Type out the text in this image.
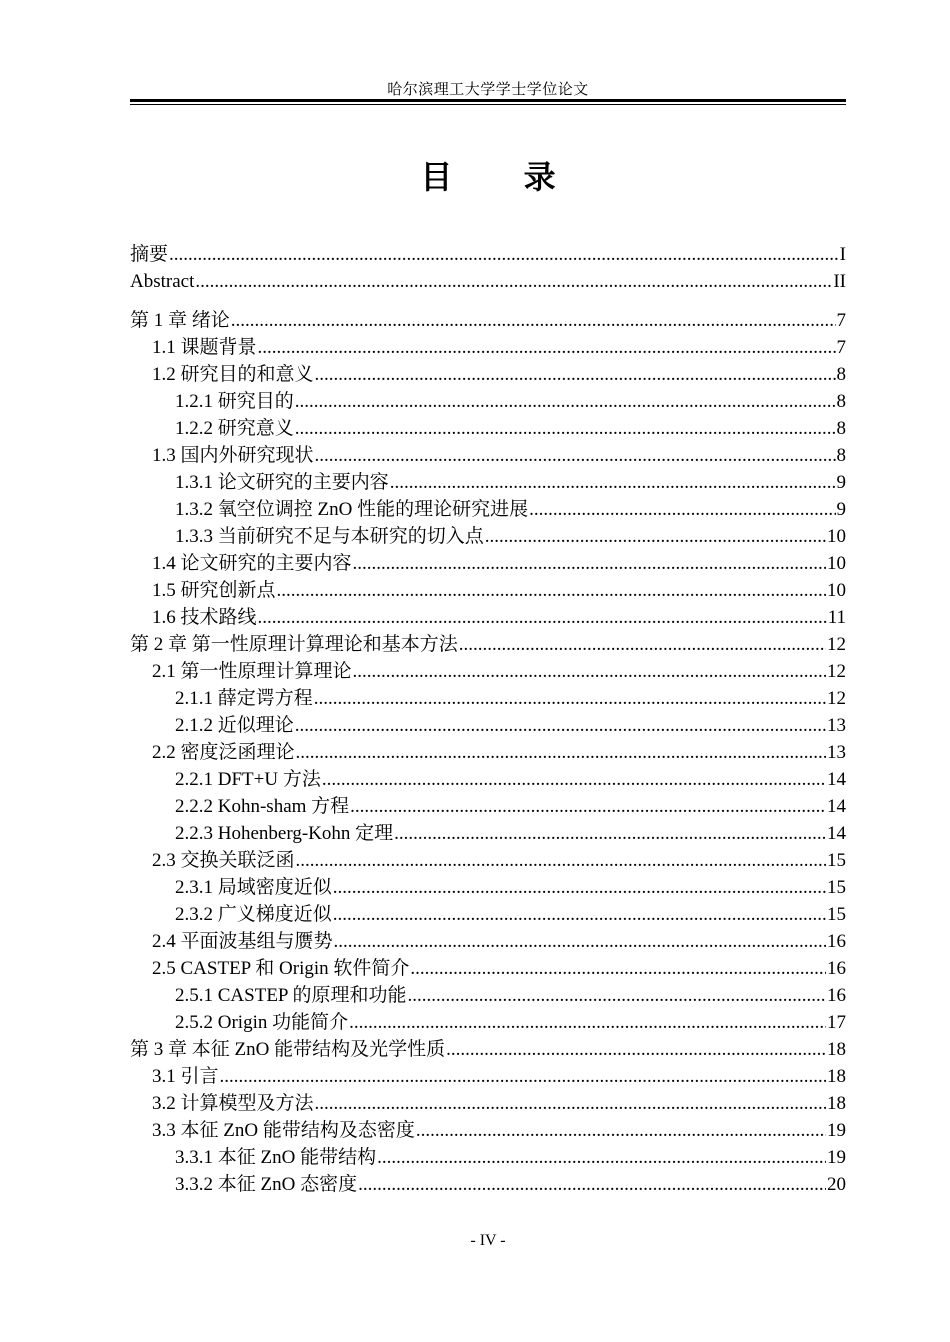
哈尔滨理工大学学士学位论文
目 录
摘要 .....	I
Abstract .....	II
第 1 章 绪论 .....	7
1.1 课题背景 .....	7
1.2 研究目的和意义 .....	8
1.2.1 研究目的 .....	8
1.2.2 研究意义 .....	8
1.3 国内外研究现状 .....	8
1.3.1 论文研究的主要内容 .....	9
1.3.2 氧空位调控 ZnO 性能的理论研究进展 .....	9
1.3.3 当前研究不足与本研究的切入点 .....	10
1.4 论文研究的主要内容 .....	10
1.5 研究创新点 .....	10
1.6 技术路线 .....	11
第 2 章 第一性原理计算理论和基本方法 .....	12
2.1 第一性原理计算理论 .....	12
2.1.1 薛定谔方程 .....	12
2.1.2 近似理论 .....	13
2.2 密度泛函理论 .....	13
2.2.1 DFT+U 方法 .....	14
2.2.2 Kohn-sham 方程 .....	14
2.2.3 Hohenberg-Kohn 定理 .....	14
2.3 交换关联泛函 .....	15
2.3.1 局域密度近似 .....	15
2.3.2 广义梯度近似 .....	15
2.4 平面波基组与赝势 .....	16
2.5 CASTEP 和 Origin 软件简介 .....	16
2.5.1 CASTEP 的原理和功能 .....	16
2.5.2 Origin 功能简介 .....	17
第 3 章 本征 ZnO 能带结构及光学性质 .....	18
3.1 引言 .....	18
3.2 计算模型及方法 .....	18
3.3 本征 ZnO 能带结构及态密度 .....	19
3.3.1 本征 ZnO 能带结构 .....	19
3.3.2 本征 ZnO 态密度 .....	20
- IV -
